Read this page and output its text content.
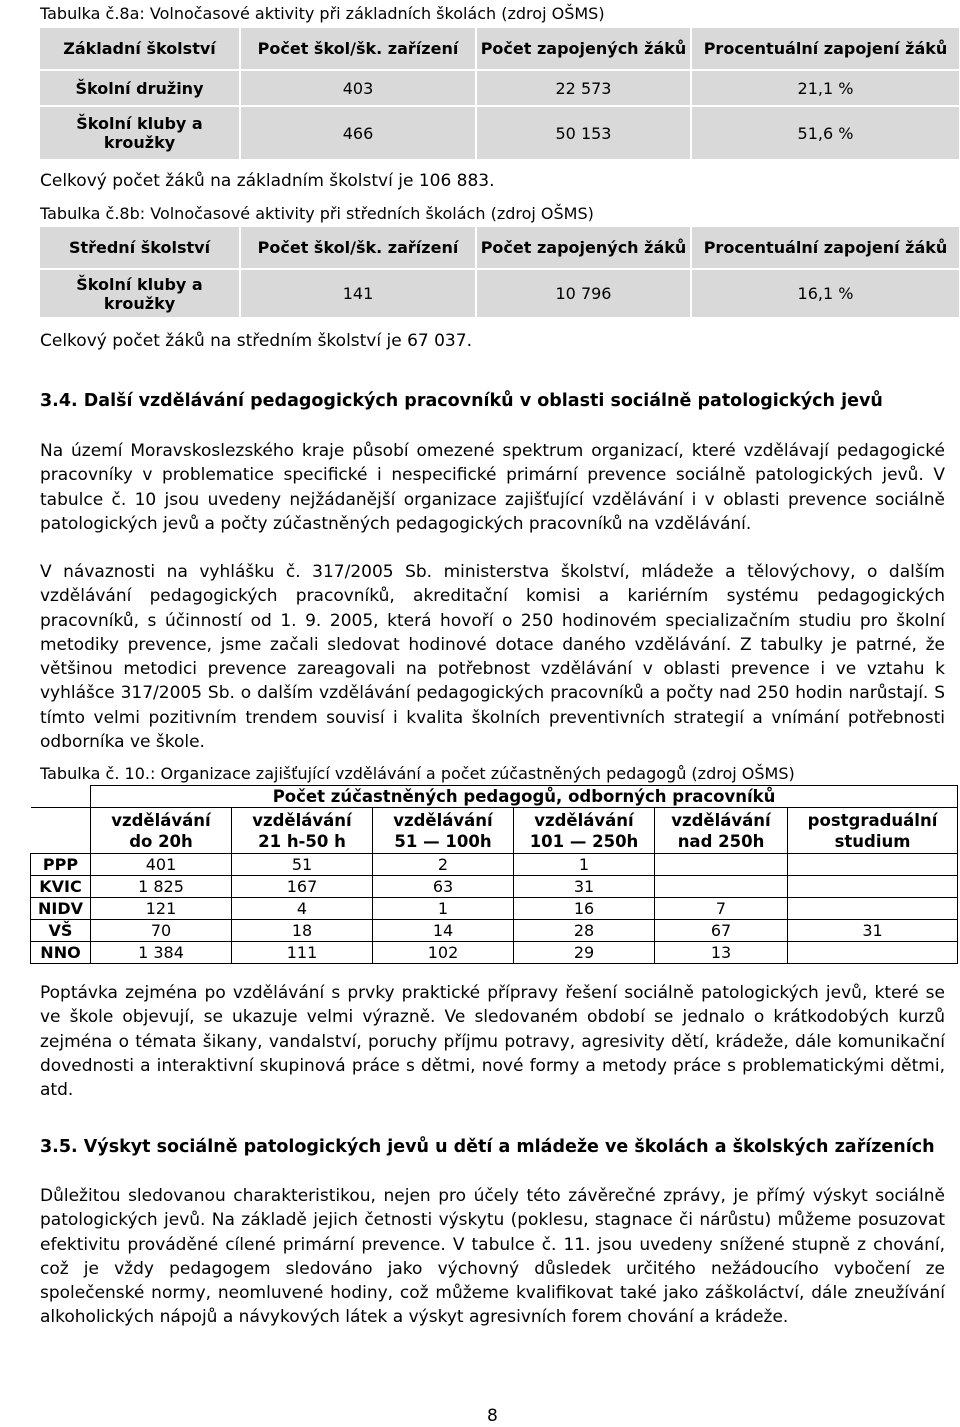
Tabulka č.8a: Volnočasové aktivity při základních školách (zdroj OŠMS)
Základní školství	Počet škol/šk. zařízení	Počet zapojených žáků	Procentuální zapojení žáků
Školní družiny	403	22 573	21,1 %
Školní kluby a kroužky	466	50 153	51,6 %
Celkový počet žáků na základním školství je 106 883.
Tabulka č.8b: Volnočasové aktivity při středních školách (zdroj OŠMS)
Střední školství	Počet škol/šk. zařízení	Počet zapojených žáků	Procentuální zapojení žáků
Školní kluby a kroužky	141	10 796	16,1 %
Celkový počet žáků na středním školství je 67 037.
3.4. Další vzdělávání pedagogických pracovníků v oblasti sociálně patologických jevů

Na území Moravskoslezského kraje působí omezené spektrum organizací, které vzdělávají pedagogické pracovníky v problematice specifické i nespecifické primární prevence sociálně patologických jevů. V tabulce č. 10 jsou uvedeny nejžádanější organizace zajišťující vzdělávání i v oblasti prevence sociálně patologických jevů a počty zúčastněných pedagogických pracovníků na vzdělávání.

V návaznosti na vyhlášku č. 317/2005 Sb. ministerstva školství, mládeže a tělovýchovy, o dalším vzdělávání pedagogických pracovníků, akreditační komisi a kariérním systému pedagogických pracovníků, s účinností od 1. 9. 2005, která hovoří o 250 hodinovém specializačním studiu pro školní metodiky prevence, jsme začali sledovat hodinové dotace daného vzdělávání. Z tabulky je patrné, že většinou metodici prevence zareagovali na potřebnost vzdělávání v oblasti prevence i ve vztahu k vyhlášce 317/2005 Sb. o dalším vzdělávání pedagogických pracovníků a počty nad 250 hodin narůstají. S tímto velmi pozitivním trendem souvisí i kvalita školních preventivních strategií a vnímání potřebnosti odborníka ve škole.

Tabulka č. 10.: Organizace zajišťující vzdělávání a počet zúčastněných pedagogů (zdroj OŠMS)
	Počet zúčastněných pedagogů, odborných pracovníků					
	vzdělávání do 20h	vzdělávání 21 h-50 h	vzdělávání 51 — 100h	vzdělávání 101 — 250h	vzdělávání nad 250h	postgraduální studium
PPP	401	51	2	1		
KVIC	1 825	167	63	31		
NIDV	121	4	1	16	7	
VŠ	70	18	14	28	67	31
NNO	1 384	111	102	29	13	

Poptávka zejména po vzdělávání s prvky praktické přípravy řešení sociálně patologických jevů, které se ve škole objevují, se ukazuje velmi výrazně. Ve sledovaném období se jednalo o krátkodobých kurzů zejména o témata šikany, vandalství, poruchy příjmu potravy, agresivity dětí, krádeže, dále komunikační dovednosti a interaktivní skupinová práce s dětmi, nové formy a metody práce s problematickými dětmi, atd.

3.5. Výskyt sociálně patologických jevů u dětí a mládeže ve školách a školských zařízeních

Důležitou sledovanou charakteristikou, nejen pro účely této závěrečné zprávy, je přímý výskyt sociálně patologických jevů. Na základě jejich četnosti výskytu (poklesu, stagnace či nárůstu) můžeme posuzovat efektivitu prováděné cílené primární prevence. V tabulce č. 11. jsou uvedeny snížené stupně z chování, což je vždy pedagogem sledováno jako výchovný důsledek určitého nežádoucího vybočení ze společenské normy, neomluvené hodiny, což můžeme kvalifikovat také jako záškoláctví, dále zneužívání alkoholických nápojů a návykových látek a výskyt agresivních forem chování a krádeže.

8
